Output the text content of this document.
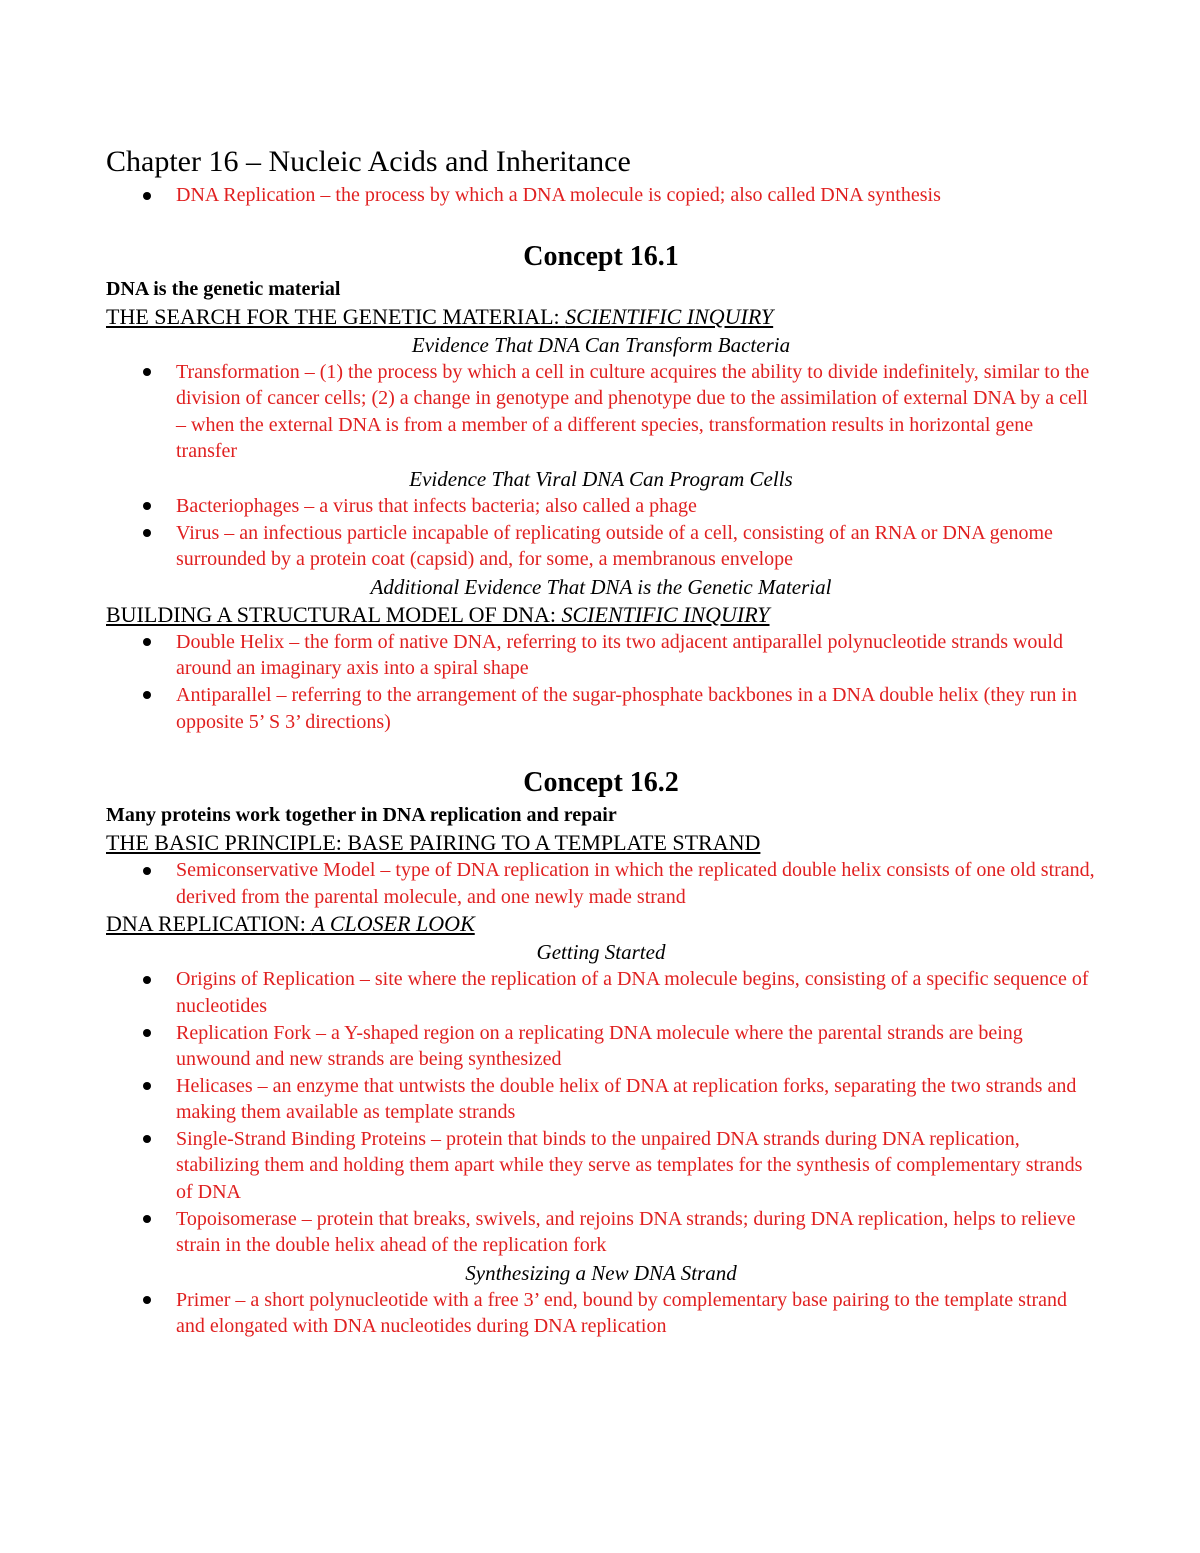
Chapter 16 – Nucleic Acids and Inheritance
DNA Replication – the process by which a DNA molecule is copied; also called DNA synthesis
Concept 16.1

DNA is the genetic material

THE SEARCH FOR THE GENETIC MATERIAL: SCIENTIFIC INQUIRY

Evidence That DNA Can Transform Bacteria

Transformation – (1) the process by which a cell in culture acquires the ability to divide indefinitely, similar to the division of cancer cells; (2) a change in genotype and phenotype due to the assimilation of external DNA by a cell – when the external DNA is from a member of a different species, transformation results in horizontal gene transfer

Evidence That Viral DNA Can Program Cells

Bacteriophages – a virus that infects bacteria; also called a phage
Virus – an infectious particle incapable of replicating outside of a cell, consisting of an RNA or DNA genome surrounded by a protein coat (capsid) and, for some, a membranous envelope

Additional Evidence That DNA is the Genetic Material

BUILDING A STRUCTURAL MODEL OF DNA: SCIENTIFIC INQUIRY

Double Helix – the form of native DNA, referring to its two adjacent antiparallel polynucleotide strands would around an imaginary axis into a spiral shape
Antiparallel – referring to the arrangement of the sugar-phosphate backbones in a DNA double helix (they run in opposite 5’ S 3’ directions)
Concept 16.2

Many proteins work together in DNA replication and repair

THE BASIC PRINCIPLE: BASE PAIRING TO A TEMPLATE STRAND

Semiconservative Model – type of DNA replication in which the replicated double helix consists of one old strand, derived from the parental molecule, and one newly made strand

DNA REPLICATION: A CLOSER LOOK

Getting Started

Origins of Replication – site where the replication of a DNA molecule begins, consisting of a specific sequence of nucleotides
Replication Fork – a Y-shaped region on a replicating DNA molecule where the parental strands are being unwound and new strands are being synthesized
Helicases – an enzyme that untwists the double helix of DNA at replication forks, separating the two strands and making them available as template strands
Single-Strand Binding Proteins – protein that binds to the unpaired DNA strands during DNA replication, stabilizing them and holding them apart while they serve as templates for the synthesis of complementary strands of DNA
Topoisomerase – protein that breaks, swivels, and rejoins DNA strands; during DNA replication, helps to relieve strain in the double helix ahead of the replication fork

Synthesizing a New DNA Strand

Primer – a short polynucleotide with a free 3’ end, bound by complementary base pairing to the template strand and elongated with DNA nucleotides during DNA replication
